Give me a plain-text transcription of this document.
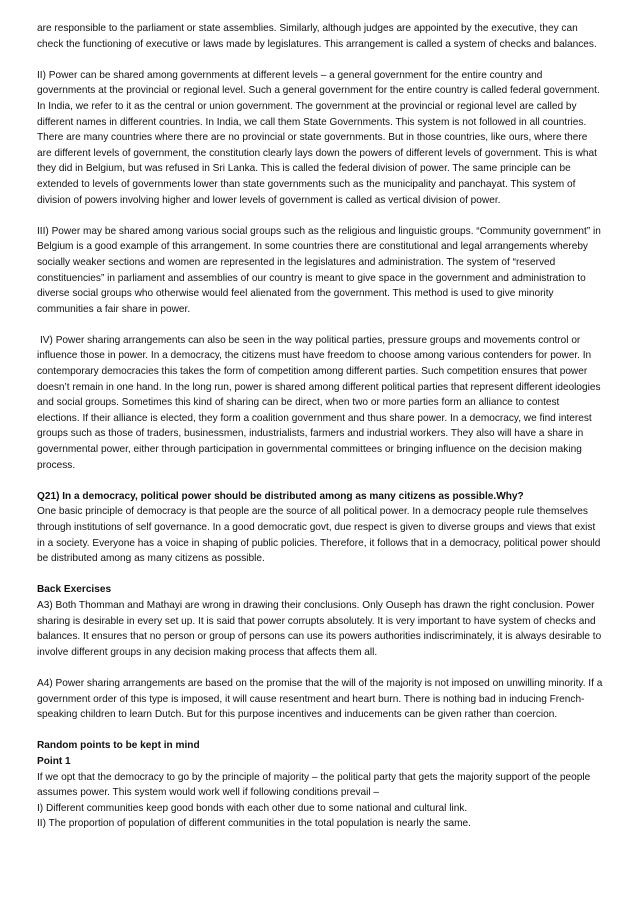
are responsible to the parliament or state assemblies. Similarly, although judges are appointed by the executive, they can check the functioning of executive or laws made by legislatures. This arrangement is called a system of checks and balances.

II) Power can be shared among governments at different levels – a general government for the entire country and governments at the provincial or regional level. Such a general government for the entire country is called federal government. In India, we refer to it as the central or union government. The government at the provincial or regional level are called by different names in different countries. In India, we call them State Governments. This system is not followed in all countries. There are many countries where there are no provincial or state governments. But in those countries, like ours, where there are different levels of government, the constitution clearly lays down the powers of different levels of government. This is what they did in Belgium, but was refused in Sri Lanka. This is called the federal division of power. The same principle can be extended to levels of governments lower than state governments such as the municipality and panchayat. This system of division of powers involving higher and lower levels of government is called as vertical division of power.

III) Power may be shared among various social groups such as the religious and linguistic groups. “Community government” in Belgium is a good example of this arrangement. In some countries there are constitutional and legal arrangements whereby socially weaker sections and women are represented in the legislatures and administration. The system of “reserved constituencies” in parliament and assemblies of our country is meant to give space in the government and administration to diverse social groups who otherwise would feel alienated from the government. This method is used to give minority communities a fair share in power.

IV) Power sharing arrangements can also be seen in the way political parties, pressure groups and movements control or influence those in power. In a democracy, the citizens must have freedom to choose among various contenders for power. In contemporary democracies this takes the form of competition among different parties. Such competition ensures that power doesn’t remain in one hand. In the long run, power is shared among different political parties that represent different ideologies and social groups. Sometimes this kind of sharing can be direct, when two or more parties form an alliance to contest elections. If their alliance is elected, they form a coalition government and thus share power. In a democracy, we find interest groups such as those of traders, businessmen, industrialists, farmers and industrial workers. They also will have a share in governmental power, either through participation in governmental committees or bringing influence on the decision making process.

Q21) In a democracy, political power should be distributed among as many citizens as possible.Why?

One basic principle of democracy is that people are the source of all political power. In a democracy people rule themselves through institutions of self governance. In a good democratic govt, due respect is given to diverse groups and views that exist in a society. Everyone has a voice in shaping of public policies. Therefore, it follows that in a democracy, political power should be distributed among as many citizens as possible.

Back Exercises

A3) Both Thomman and Mathayi are wrong in drawing their conclusions. Only Ouseph has drawn the right conclusion. Power sharing is desirable in every set up. It is said that power corrupts absolutely. It is very important to have system of checks and balances. It ensures that no person or group of persons can use its powers authorities indiscriminately, it is always desirable to involve different groups in any decision making process that affects them all.

A4) Power sharing arrangements are based on the promise that the will of the majority is not imposed on unwilling minority. If a government order of this type is imposed, it will cause resentment and heart burn. There is nothing bad in inducing French-speaking children to learn Dutch. But for this purpose incentives and inducements can be given rather than coercion.

Random points to be kept in mind

Point 1

If we opt that the democracy to go by the principle of majority – the political party that gets the majority support of the people assumes power. This system would work well if following conditions prevail –

I) Different communities keep good bonds with each other due to some national and cultural link.

II) The proportion of population of different communities in the total population is nearly the same.
